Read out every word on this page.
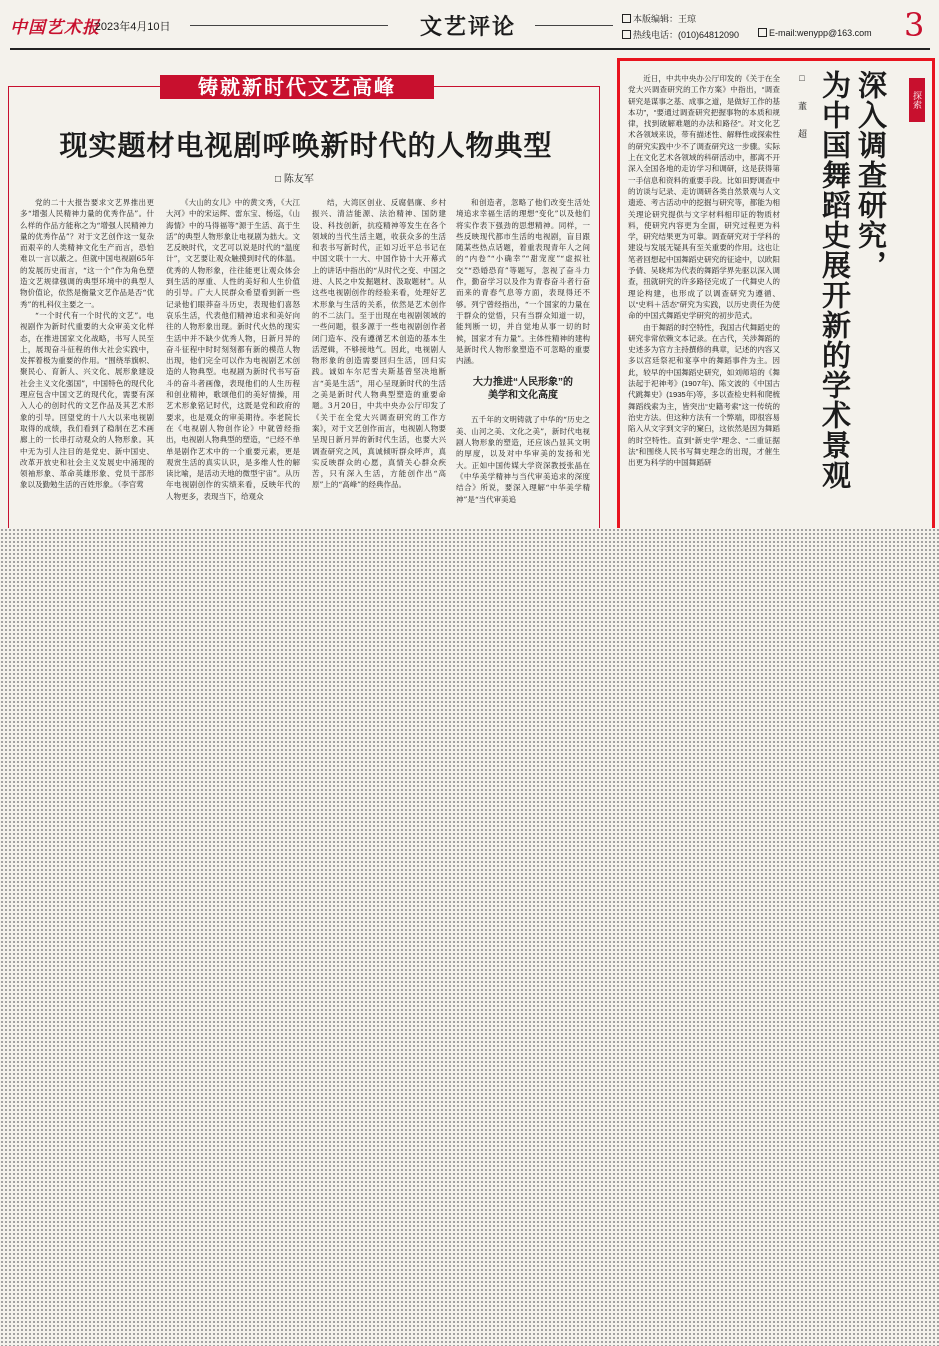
中国艺术报
· 2023年4月10日	文艺评论	本版编辑：王琼
热线电话：(010)64812090	E-mail:wenypp@163.com 3
铸就新时代文艺高峰
现实题材电视剧呼唤新时代的人物典型
□ 陈友军

党的二十大报告要求文艺界推出更多“增强人民精神力量的优秀作品”。什么样的作品方能称之为“增强人民精神力量的优秀作品”？对于文艺创作这一复杂而艰辛的人类精神文化生产而言，恐怕难以一言以蔽之。但就中国电视剧65年的发展历史而言，“这一个”作为角色塑造文艺规律强调的典型环境中的典型人物价值论，依然是衡量文艺作品是否“优秀”的札科仪主要之一。

“一个时代有一个时代的文艺”。电视剧作为新时代重要的大众审美文化样态，在推进国家文化战略，书写人民至上，展现奋斗征程的伟大社会实践中，发挥着极为重要的作用。“围绕举旗帜、聚民心、育新人、兴文化、展形象建设社会主义文化强国”，中国特色的现代化理应包含中国文艺的现代化，需要有深入人心的创时代的文艺作品及其艺术形象的引导。回望党的十八大以来电视剧取得的成绩，我们看到了稳制在艺术画廊上的一长串打动观众的人物形象。其中无为引人注目的是党史、新中国史、改革开放史和社会主义发展史中涌现的领袖形象、革命英雄形象、党员干部形象以及勤勉生活的百姓形象。（李官莺

《大山的女儿》中的黄文秀，《大江大河》中的宋运辉、雷东宝、杨巡，《山海情》中的马得福等“源于生活、高于生活”的典型人物形象让电视剧为拙大。文艺反映时代，文艺可以说是时代的“温度计”，文艺要让观众触摸到时代的体温。优秀的人物形象，往往能更让观众体会到生活的厚重、人性的美好和人生价值的引导。广大人民群众希望看到新一些记录他们眼莽奋斗历史，表现他们喜怒哀乐生活，代表他们精神追求和美好向往的人物形象出现。新时代火热的现实生活中并不缺少优秀人物，日新月异的奋斗征程中时时刻刻都有新的模范人物出现，他们完全可以作为电视剧艺术创造的人物典型。电视剧为新时代书写奋斗的奋斗者画像，表现他们的人生历程和创业精神，歌颂他们的美好情操，用艺术形象铭记时代，这既是党和政府的要求，也是观众的审美期待。李老院长在《电视剧人物创作论》中就曾经指出，电视剧人物典型的塑造，“已经不单单是剧作艺术中的一个重要元素，更是观赏生活的真实认识，是多维人性的解读比喻，是活动天地的微型宇宙”。从历年电视剧创作的实绩来看，反映年代的人物更多，表现当下，给观众

结，大湾区创业、反腐倡廉、乡村振兴、清洁能源、法治精神、国防建设、科技创新，抗疫精神等发生在各个领域的当代生活主题，收获众多的生活和表书写新时代，正如习近平总书记在中国文联十一大、中国作协十大开幕式上的讲话中指出的“从时代之变、中国之进、人民之中发掘题材、汲取题材”。从这些电视剧创作的经验来看，处理好艺术形象与生活的关系，依然是艺术创作的不二法门。至于出现在电视剧领域的一些问题，很多源于一些电视剧创作者闭门造车、没有遵循艺术创造的基本生活逻辑，不够接地气。因此，电视剧人物形象的创造需要回归生活，回归实践。诚如车尔尼雪夫斯基曾坚决地断言“美是生活”，用心呈现新时代的生活之美是新时代人物典型塑造的重要命题。3月20日，中共中央办公厅印发了《关于在全党大兴调查研究的工作方案》，对于文艺创作而言，电视剧人物要呈现日新月异的新时代生活，也要大兴调查研究之风，真诚倾听群众呼声，真实反映群众的心愿，真情关心群众疾苦，只有深入生活，方能创作出“高原”上的“高峰”的经典作品。

和创造者，忽略了他们改变生活处境追求幸福生活的理想“变化”以及他们将实作表下强劲的思想精神。同样，一些反映现代都市生活的电视剧，盲目跟随某些热点话题，着重表现青年人之间的“内卷”“小确幸”“甜宠度”“虚拟社交”“恐婚恐育”等题写，忽视了奋斗力作，勤奋学习以及作为青春奋斗者行奋而来的青春气息等方面，表现得还不够。列宁曾经指出，“一个国家的力量在于群众的觉悟，只有当群众知道一切，能判断一切，并自觉地从事一切的时候，国家才有力量”。主体性精神的建构是新时代人物形象塑造不可忽略的重要内涵。

大力推进“人民形象”的
美学和文化高度

五千年的文明铸就了中华的“历史之美、山河之美、文化之美”，新时代电视剧人物形象的塑造，还应该凸显其文明的厚度，以及对中华审美的发扬和光大。正如中国传媒大学资深教授张晶在《中华美学精神与当代审美追求的深度结合》所说，要深入理解“中华美学精神”是“当代审美追

探索
深入调查研究，
为中国舞蹈史展开新的学术景观
□ 董 超

近日，中共中央办公厅印发的《关于在全党大兴调查研究的工作方案》中指出，“调查研究是谋事之基、成事之道，是做好工作的基本功”，“要通过调查研究把握事物的本质和规律，找到破解难题的办法和路径”。对文化艺术各领域来说，带有描述性、解释性或探索性的研究实践中少不了调查研究这一步骤。实际上在文化艺术各领域的科研活动中，都离不开深入全国各地的走访学习和调研，这是获得第一手信息和资料的重要手段。比如田野调查中的访谈与记录、走访调研各类自然景观与人文遗迹、考古活动中的挖掘与研究等，都能为相关理论研究提供与文字材料相印证的物质材料，使研究内容更为全面，研究过程更为科学，研究结果更为可靠。调查研究对于学科的建设与发展无疑具有至关重要的作用。这也让笔者回想起中国舞蹈史研究的征途中，以欧阳予倩、吴晓邦为代表的舞蹈学界先驱以深入调查，扭就研究的许多路径完成了一代舞史人的理论构建，也形成了以调查研究为遵循、以“史料＋活态”研究为实践，以历史责任为使命的中国式舞蹈史学研究的初步范式。

由于舞蹈的时空特性，我国古代舞蹈史的研究非常依赖文本记录。在古代，关涉舞蹈的史述多为官方主持撰修的典章，记述的内容又多以宫廷祭祀和宴享中的舞蹈事件为主。因此，较早的中国舞蹈史研究，如刘师培的《舞法起于祀神考》(1907年)、陈文波的《中国古代跳舞史》(1935年)等，多以查检史料和爬梳舞蹈线索为主，皆突出“史籍考索”这一传统的治史方法。但这种方法有一个弊端，即很容易陷入从文字到文字的窠臼，这依然是因为舞蹈的时空特性。直到“新史学”理念、“二重证据法”和围绕人民书写舞史理念的出现，才催生出更为科学的中国舞蹈研
